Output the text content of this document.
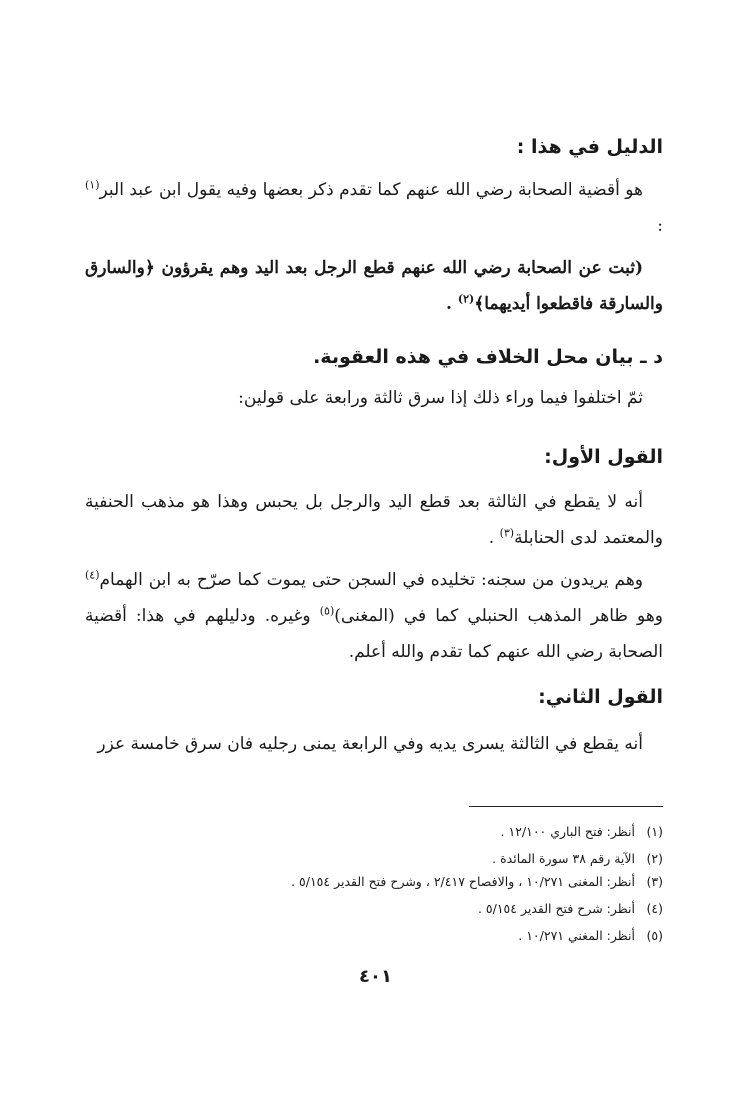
الدليل في هذا :
هو أقضية الصحابة رضي الله عنهم كما تقدم ذكر بعضها وفيه يقول ابن عبد البر$^{(١)}$ :
(ثبت عن الصحابة رضي الله عنهم قطع الرجل بعد اليد وهم يقرؤون ﴿والسارق والسارقة فاقطعوا أيديهما﴾$^{(٢)}$ .
د ـ بيان محل الخلاف في هذه العقوبة.
ثمّ اختلفوا فيما وراء ذلك إذا سرق ثالثة ورابعة على قولين:
القول الأول:
أنه لا يقطع في الثالثة بعد قطع اليد والرجل بل يحبس وهذا هو مذهب الحنفية والمعتمد لدى الحنابلة$^{(٣)}$ .
وهم يريدون من سجنه: تخليده في السجن حتى يموت كما صرّح به ابن الهمام$^{(٤)}$ وهو ظاهر المذهب الحنبلي كما في (المغنى)$^{(٥)}$ وغيره. ودليلهم في هذا: أقضية الصحابة رضي الله عنهم كما تقدم والله أعلم.
القول الثاني:
أنه يقطع في الثالثة يسرى يديه وفي الرابعة يمنى رجليه فان سرق خامسة عزر
(١)أنظر: فتح الباري ١٢/١٠٠ .
(٢)الآية رقم ٣٨ سورة المائدة .
(٣)أنظر: المغنى ١٠/٢٧١ ، والافصاح ٢/٤١٧ ، وشرح فتح القدير ٥/١٥٤ .
(٤)أنظر: شرح فتح القدير ٥/١٥٤ .
(٥)أنظر: المغني ١٠/٢٧١ .
٤٠١
